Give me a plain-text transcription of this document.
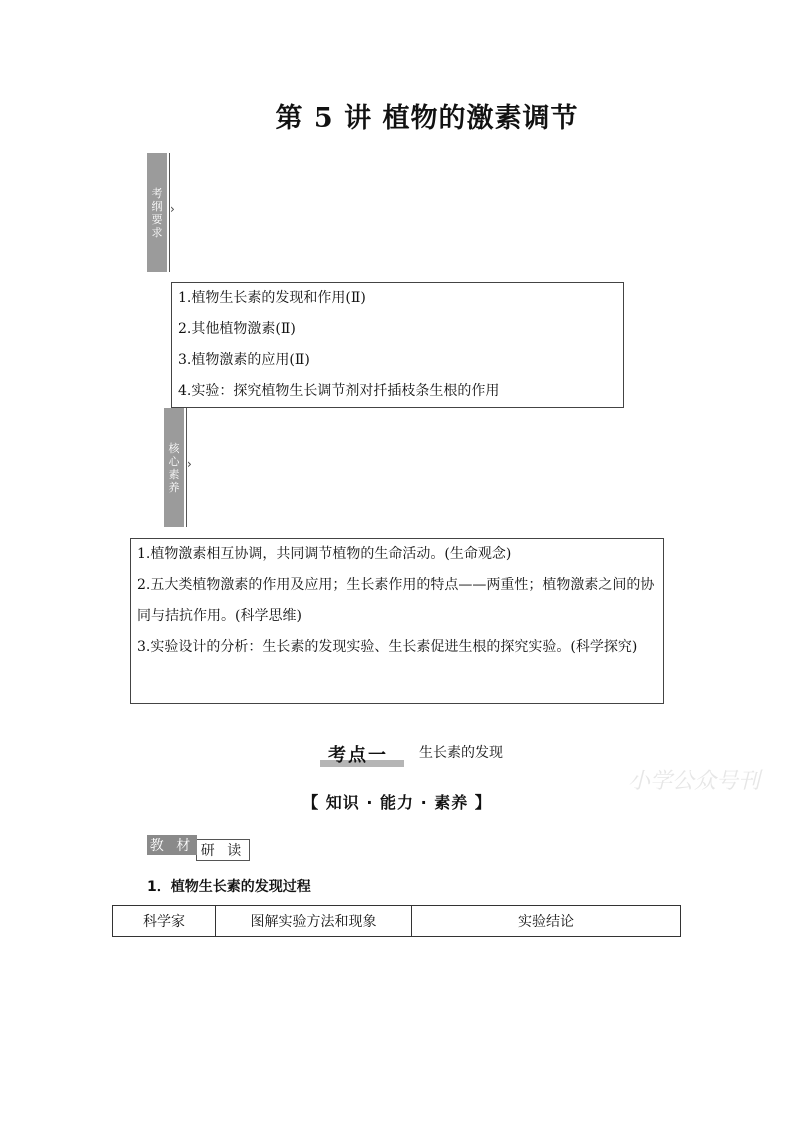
第 5 讲 植物的激素调节
考纲要求
›

1.植物生长素的发现和作用(Ⅱ)

2.其他植物激素(Ⅱ)

3.植物激素的应用(Ⅱ)

4.实验：探究植物生长调节剂对扦插枝条生根的作用

核心素养
›

1.植物激素相互协调，共同调节植物的生命活动。(生命观念)

2.五大类植物激素的作用及应用；生长素作用的特点——两重性；植物激素之间的协同与拮抗作用。(科学思维)

3.实验设计的分析：生长素的发现实验、生长素促进生根的探究实验。(科学探究)

考点一 生长素的发现
小学公众号刊
【 知识 · 能力 · 素养 】
研 读
教 材
1．植物生长素的发现过程
科学家	图解实验方法和现象	实验结论
